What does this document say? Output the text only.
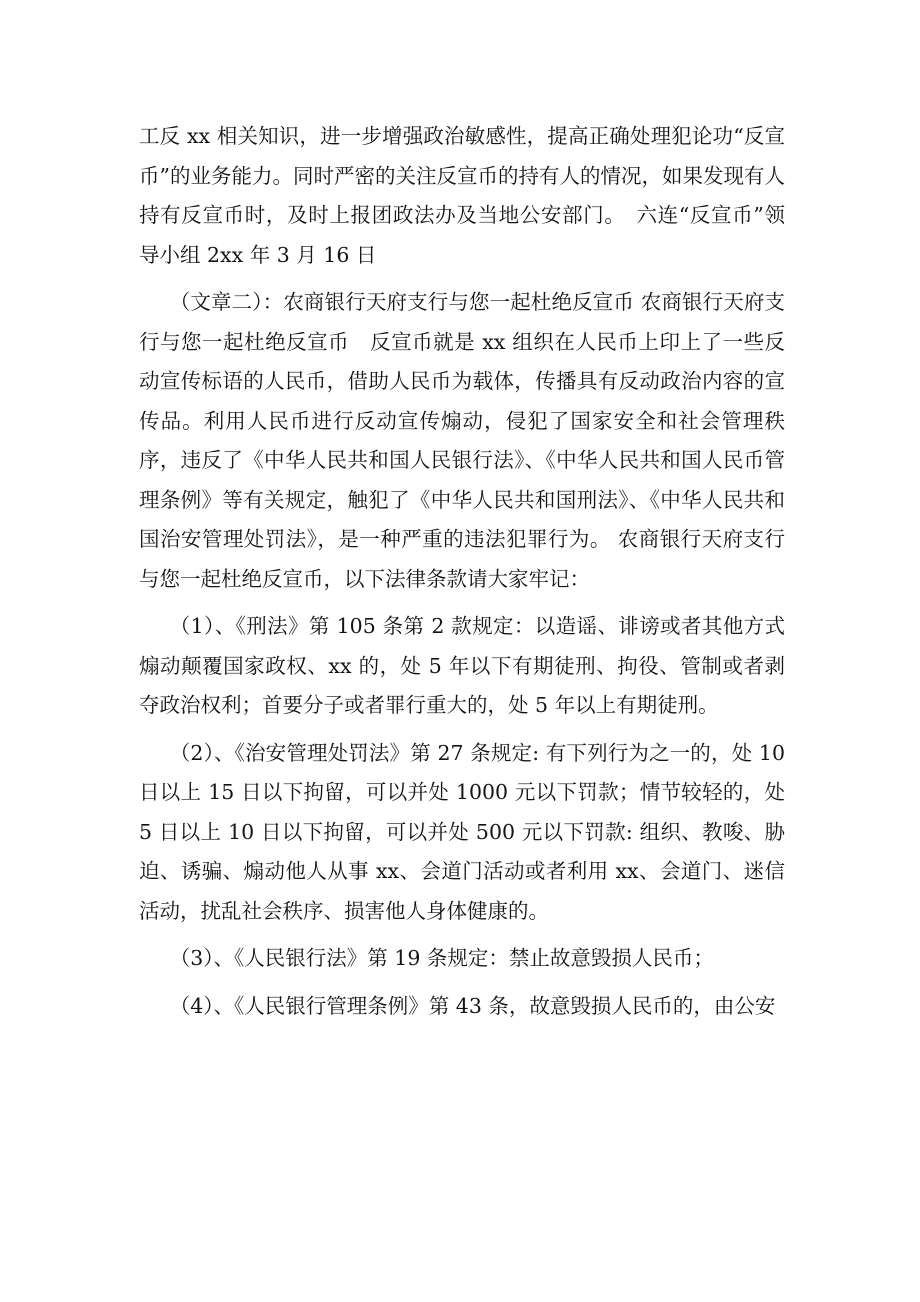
工反 xx 相关知识，进一步增强政治敏感性，提高正确处理犯论功“反宣币”的业务能力。同时严密的关注反宣币的持有人的情况，如果发现有人持有反宣币时，及时上报团政法办及当地公安部门。　六连“反宣币”领导小组 2xx 年 3 月 16 日

（文章二）：农商银行天府支行与您一起杜绝反宣币 农商银行天府支行与您一起杜绝反宣币　反宣币就是 xx 组织在人民币上印上了一些反动宣传标语的人民币，借助人民币为载体，传播具有反动政治内容的宣传品。利用人民币进行反动宣传煽动，侵犯了国家安全和社会管理秩序，违反了《中华人民共和国人民银行法》、《中华人民共和国人民币管理条例》等有关规定，触犯了《中华人民共和国刑法》、《中华人民共和国治安管理处罚法》，是一种严重的违法犯罪行为。 农商银行天府支行与您一起杜绝反宣币，以下法律条款请大家牢记：

（1）、《刑法》第 105 条第 2 款规定：以造谣、诽谤或者其他方式煽动颠覆国家政权、xx 的，处 5 年以下有期徒刑、拘役、管制或者剥夺政治权利；首要分子或者罪行重大的，处 5 年以上有期徒刑。

（2）、《治安管理处罚法》第 27 条规定: 有下列行为之一的，处 10 日以上 15 日以下拘留，可以并处 1000 元以下罚款；情节较轻的，处 5 日以上 10 日以下拘留，可以并处 500 元以下罚款: 组织、教唆、胁迫、诱骗、煽动他人从事 xx、会道门活动或者利用 xx、会道门、迷信活动，扰乱社会秩序、损害他人身体健康的。

（3）、《人民银行法》第 19 条规定：禁止故意毁损人民币；

（4）、《人民银行管理条例》第 43 条，故意毁损人民币的，由公安
